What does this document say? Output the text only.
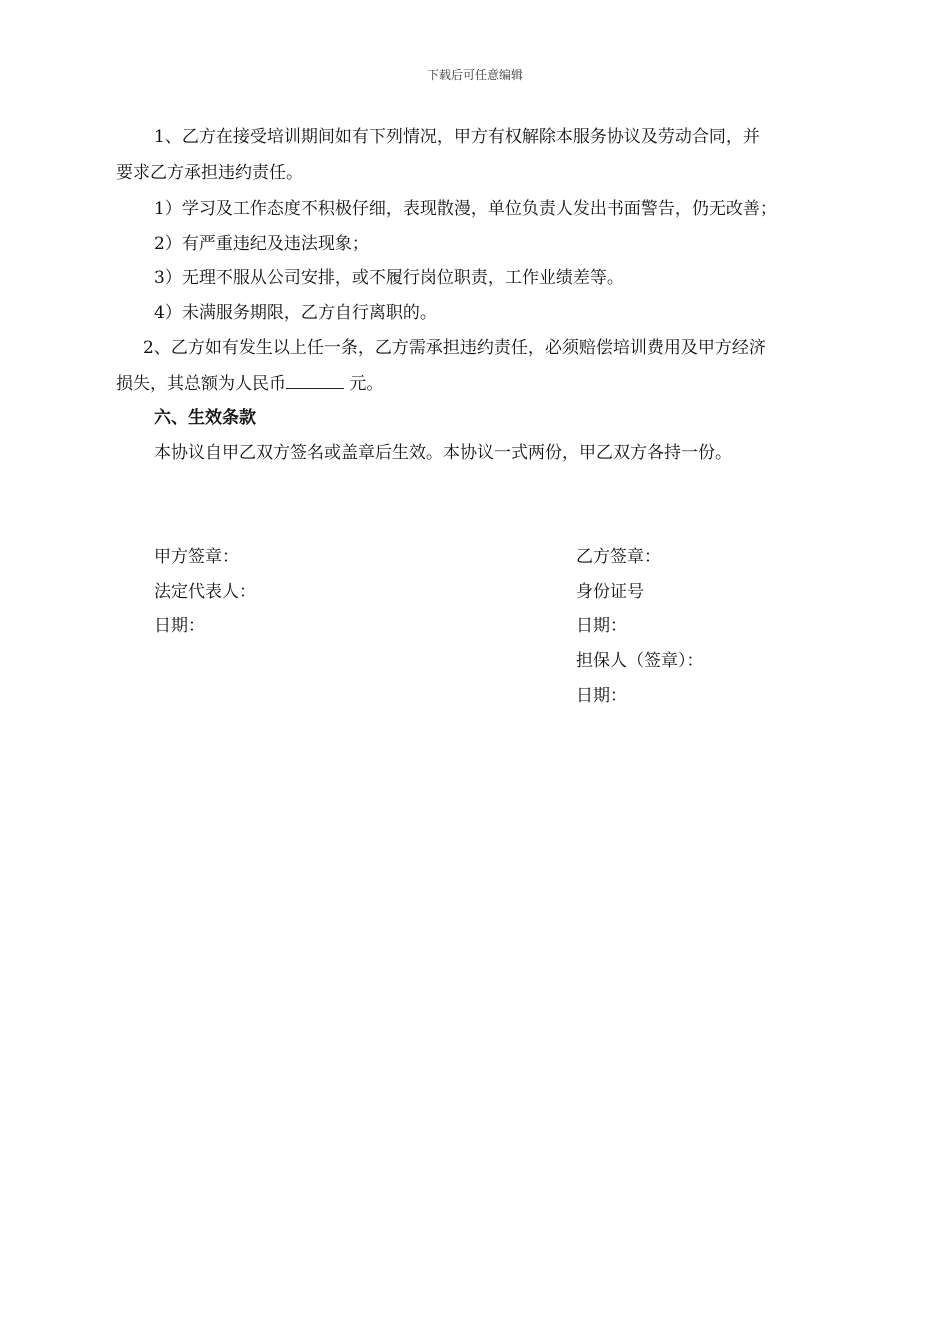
下载后可任意编辑
1、乙方在接受培训期间如有下列情况，甲方有权解除本服务协议及劳动合同，并
要求乙方承担违约责任。
1）学习及工作态度不积极仔细，表现散漫，单位负责人发出书面警告，仍无改善；
2）有严重违纪及违法现象；
3）无理不服从公司安排，或不履行岗位职责，工作业绩差等。
4）未满服务期限，乙方自行离职的。
2、乙方如有发生以上任一条，乙方需承担违约责任，必须赔偿培训费用及甲方经济
损失，其总额为人民币	元。
六、生效条款
本协议自甲乙双方签名或盖章后生效。本协议一式两份，甲乙双方各持一份。
甲方签章：
法定代表人：
日期：
乙方签章：
身份证号
日期：
担保人（签章）：
日期：
